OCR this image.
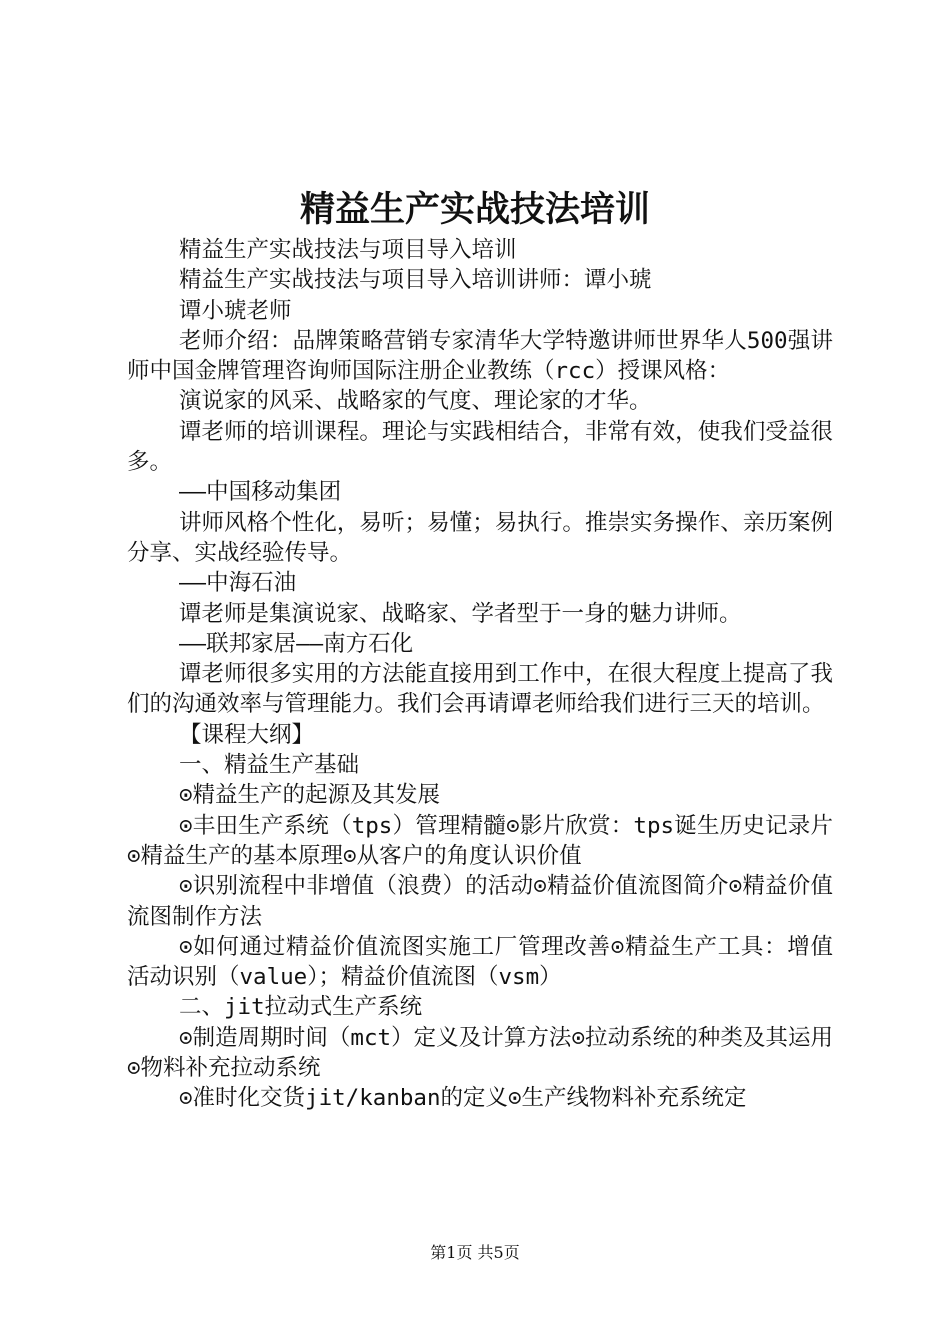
精益生产实战技法培训

精益生产实战技法与项目导入培训

精益生产实战技法与项目导入培训讲师：谭小琥

谭小琥老师

老师介绍：品牌策略营销专家清华大学特邀讲师世界华人500强讲师中国金牌管理咨询师国际注册企业教练（rcc）授课风格：

演说家的风采、战略家的气度、理论家的才华。

谭老师的培训课程。理论与实践相结合，非常有效，使我们受益很多。

——中国移动集团

讲师风格个性化，易听；易懂；易执行。推崇实务操作、亲历案例分享、实战经验传导。

——中海石油

谭老师是集演说家、战略家、学者型于一身的魅力讲师。

——联邦家居——南方石化

谭老师很多实用的方法能直接用到工作中，在很大程度上提高了我们的沟通效率与管理能力。我们会再请谭老师给我们进行三天的培训。

【课程大纲】

一、精益生产基础

⊙精益生产的起源及其发展

⊙丰田生产系统（tps）管理精髓⊙影片欣赏：tps诞生历史记录片⊙精益生产的基本原理⊙从客户的角度认识价值

⊙识别流程中非增值（浪费）的活动⊙精益价值流图简介⊙精益价值流图制作方法

⊙如何通过精益价值流图实施工厂管理改善⊙精益生产工具：增值活动识别（value）；精益价值流图（vsm）

二、jit拉动式生产系统

⊙制造周期时间（mct）定义及计算方法⊙拉动系统的种类及其运用⊙物料补充拉动系统

⊙准时化交货jit/kanban的定义⊙生产线物料补充系统定

第1页 共5页
